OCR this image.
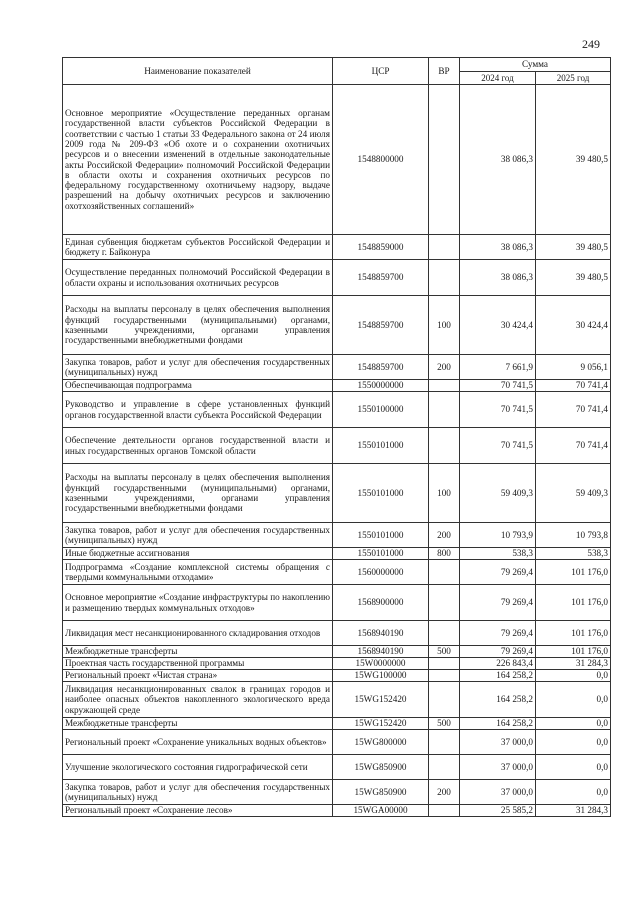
249
Наименование показателей	ЦСР	ВР	Сумма	
			2024 год	2025 год
Основное мероприятие «Осуществление переданных органам государственной власти субъектов Российской Федерации в соответствии с частью 1 статьи 33 Федерального закона от 24 июля 2009 года № 209-ФЗ «Об охоте и о сохранении охотничьих ресурсов и о внесении изменений в отдельные законодательные акты Российской Федерации» полномочий Российской Федерации в области охоты и сохранения охотничьих ресурсов по федеральному государственному охотничьему надзору, выдаче разрешений на добычу охотничьих ресурсов и заключению охотхозяйственных соглашений»	1548800000		38 086,3	39 480,5
Единая субвенция бюджетам субъектов Российской Федерации и бюджету г. Байконура	1548859000		38 086,3	39 480,5
Осуществление переданных полномочий Российской Федерации в области охраны и использования охотничьих ресурсов	1548859700		38 086,3	39 480,5
Расходы на выплаты персоналу в целях обеспечения выполнения функций государственными (муниципальными) органами, казенными учреждениями, органами управления государственными внебюджетными фондами	1548859700	100	30 424,4	30 424,4
Закупка товаров, работ и услуг для обеспечения государственных (муниципальных) нужд	1548859700	200	7 661,9	9 056,1
Обеспечивающая подпрограмма	1550000000		70 741,5	70 741,4
Руководство и управление в сфере установленных функций органов государственной власти субъекта Российской Федерации	1550100000		70 741,5	70 741,4
Обеспечение деятельности органов государственной власти и иных государственных органов Томской области	1550101000		70 741,5	70 741,4
Расходы на выплаты персоналу в целях обеспечения выполнения функций государственными (муниципальными) органами, казенными учреждениями, органами управления государственными внебюджетными фондами	1550101000	100	59 409,3	59 409,3
Закупка товаров, работ и услуг для обеспечения государственных (муниципальных) нужд	1550101000	200	10 793,9	10 793,8
Иные бюджетные ассигнования	1550101000	800	538,3	538,3
Подпрограмма «Создание комплексной системы обращения с твердыми коммунальными отходами»	1560000000		79 269,4	101 176,0
Основное мероприятие «Создание инфраструктуры по накоплению и размещению твердых коммунальных отходов»	1568900000		79 269,4	101 176,0
Ликвидация мест несанкционированного складирования отходов	1568940190		79 269,4	101 176,0
Межбюджетные трансферты	1568940190	500	79 269,4	101 176,0
Проектная часть государственной программы	15W0000000		226 843,4	31 284,3
Региональный проект «Чистая страна»	15WG100000		164 258,2	0,0
Ликвидация несанкционированных свалок в границах городов и наиболее опасных объектов накопленного экологического вреда окружающей среде	15WG152420		164 258,2	0,0
Межбюджетные трансферты	15WG152420	500	164 258,2	0,0
Региональный проект «Сохранение уникальных водных объектов»	15WG800000		37 000,0	0,0
Улучшение экологического состояния гидрографической сети	15WG850900		37 000,0	0,0
Закупка товаров, работ и услуг для обеспечения государственных (муниципальных) нужд	15WG850900	200	37 000,0	0,0
Региональный проект «Сохранение лесов»	15WGA00000		25 585,2	31 284,3
